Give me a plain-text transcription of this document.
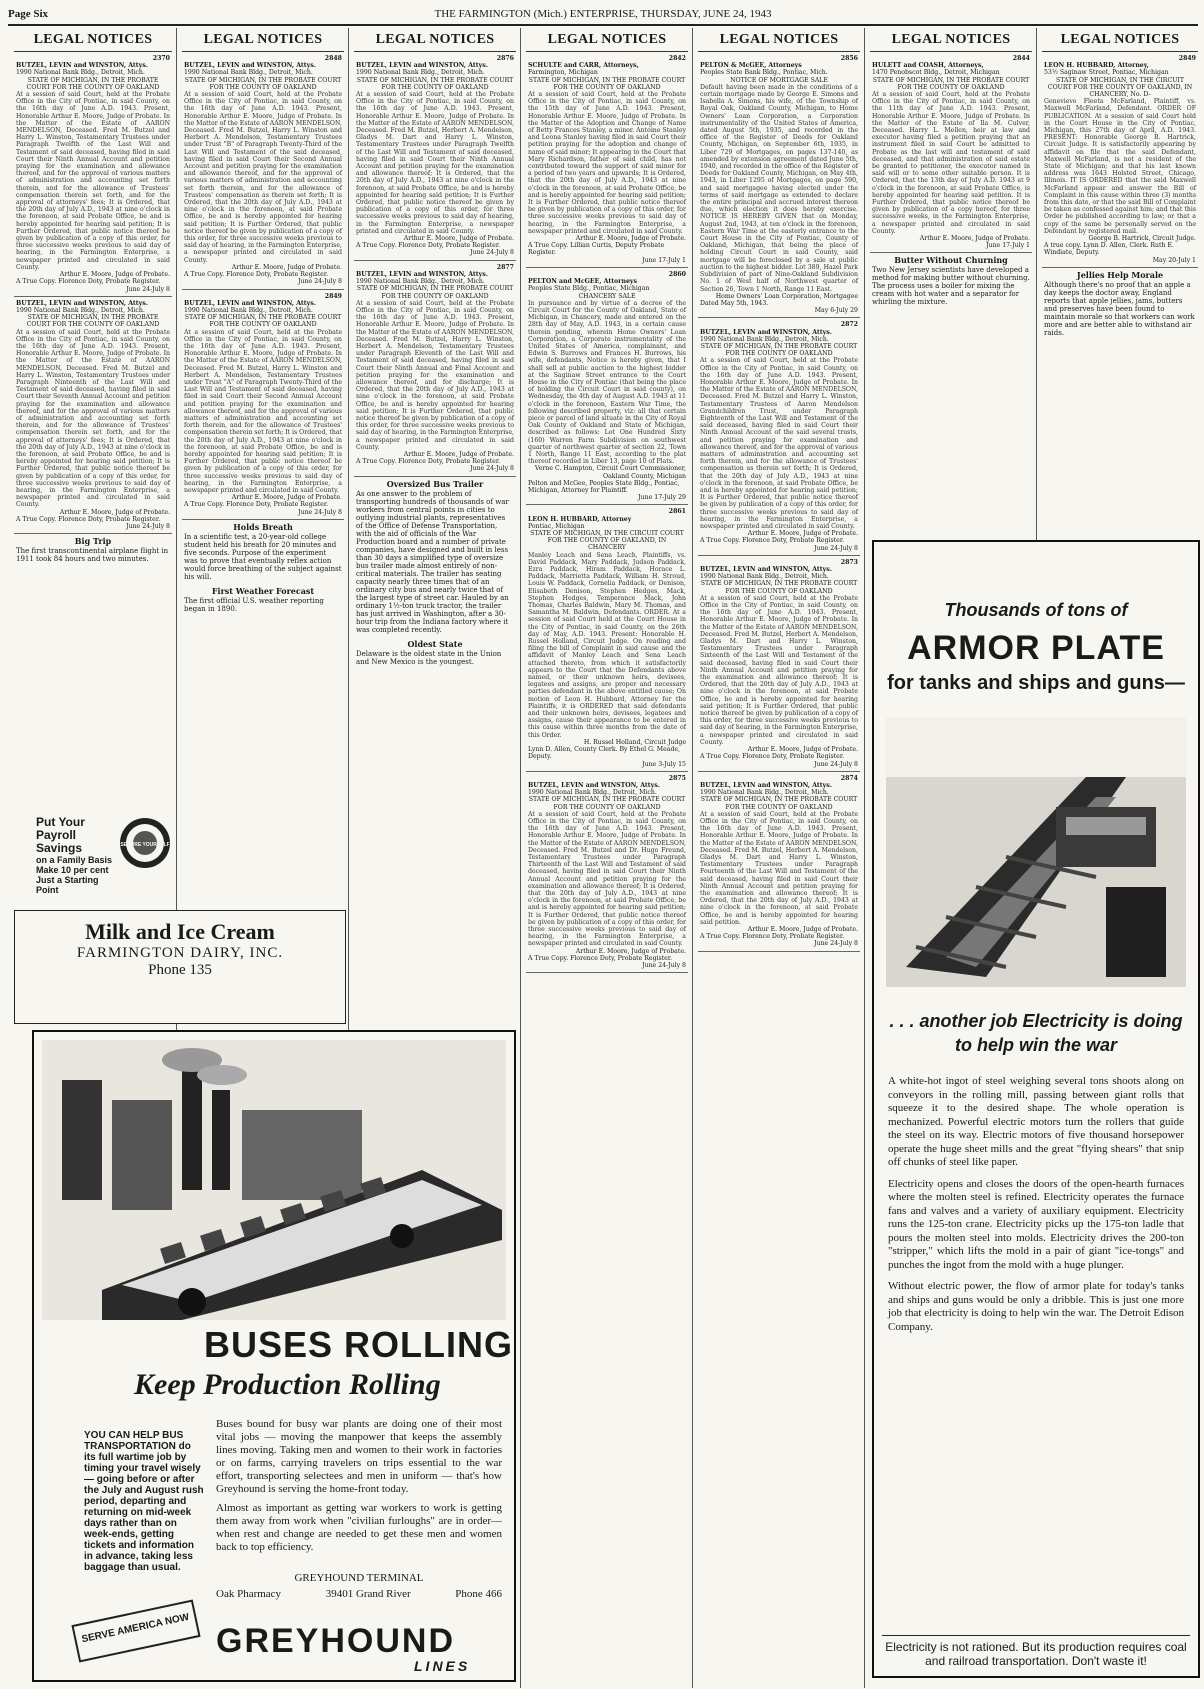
Page Six	THE FARMINGTON (Mich.) ENTERPRISE, THURSDAY, JUNE 24, 1943
LEGAL NOTICES
2370
BUTZEL, LEVIN and WINSTON, Attys.
1990 National Bank Bldg., Detroit, Mich.
STATE OF MICHIGAN, IN THE PROBATE COURT FOR THE COUNTY OF OAKLAND
At a session of said Court, held at the Probate Office in the City of Pontiac, in said County, on the 16th day of June A.D. 1943. Present, Honorable Arthur E. Moore, Judge of Probate. In the Matter of the Estate of AARON MENDELSON, Deceased. Fred M. Butzel and Harry L. Winston, Testamentary Trustees under Paragraph Twelfth of the Last Will and Testament of said deceased, having filed in said Court their Ninth Annual Account and petition praying for the examination and allowance thereof, and for the approval of various matters of administration and accounting set forth therein, and for the allowance of Trustees' compensation therein set forth, and for the approval of attorneys' fees; It is Ordered, that the 20th day of July A.D., 1943 at nine o'clock in the forenoon, at said Probate Office, be and is hereby appointed for hearing said petition; It is Further Ordered, that public notice thereof be given by publication of a copy of this order, for three successive weeks previous to said day of hearing, in the Farmington Enterprise, a newspaper printed and circulated in said County.
Arthur E. Moore, Judge of Probate.
A True Copy. Florence Doty, Probate Register.
June 24-July 8
BUTZEL, LEVIN and WINSTON, Attys.
1990 National Bank Bldg., Detroit, Mich.
STATE OF MICHIGAN, IN THE PROBATE COURT FOR THE COUNTY OF OAKLAND
At a session of said Court, held at the Probate Office in the City of Pontiac, in said County, on the 16th day of June A.D. 1943. Present, Honorable Arthur E. Moore, Judge of Probate. In the Matter of the Estate of AARON MENDELSON, Deceased. Fred M. Butzel and Harry L. Winston, Testamentary Trustees under Paragraph Ninteenth of the Last Will and Testament of said deceased, having filed in said Court their Seventh Annual Account and petition praying for the examination and allowance thereof, and for the approval of various matters of administration and accounting set forth therein, and for the allowance of Trustees' compensation therein set forth, and for the approval of attorneys' fees; It is Ordered, that the 20th day of July A.D., 1943 at nine o'clock in the forenoon, at said Probate Office, be and is hereby appointed for hearing said petition; It is Further Ordered, that public notice thereof be given by publication of a copy of this order, for three successive weeks previous to said day of hearing, in the Farmington Enterprise, a newspaper printed and circulated in said County.
Arthur E. Moore, Judge of Probate.
A True Copy. Florence Doty, Probate Register.
June 24-July 8
Big Trip
The first transcontinental airplane flight in 1911 took 84 hours and two minutes.
Put Your
Payroll Savings
on a Family Basis
Make 10 per cent
Just a Starting
Point
SECURE YOURSELF
LEGAL NOTICES
2848
BUTZEL, LEVIN and WINSTON, Attys.
1990 National Bank Bldg., Detroit, Mich.
STATE OF MICHIGAN, IN THE PROBATE COURT FOR THE COUNTY OF OAKLAND
At a session of said Court, held at the Probate Office in the City of Pontiac, in said County, on the 16th day of June A.D. 1943. Present, Honorable Arthur E. Moore, Judge of Probate. In the Matter of the Estate of AARON MENDELSON, Deceased. Fred M. Butzel, Harry L. Winston and Herbert A. Mendelson, Testamentary Trustees under Trust "B" of Paragraph Twenty-Third of the Last Will and Testament of the said deceased, having filed in said Court their Second Annual Account and petition praying for the examination and allowance thereof, and for the approval of various matters of administration and accounting set forth therein, and for the allowance of Trustees' compensation as therein set forth; It is Ordered, that the 20th day of July A.D., 1943 at nine o'clock in the forenoon, at said Probate Office, be and is hereby appointed for hearing said petition; It is Further Ordered, that public notice thereof be given by publication of a copy of this order, for three successive weeks previous to said day of hearing, in the Farmington Enterprise, a newspaper printed and circulated in said County.
Arthur E. Moore, Judge of Probate.
A True Copy. Florence Doty, Probate Register.
June 24-July 8
2849
BUTZEL, LEVIN and WINSTON, Attys.
1990 National Bank Bldg., Detroit, Mich.
STATE OF MICHIGAN, IN THE PROBATE COURT FOR THE COUNTY OF OAKLAND
At a session of said Court, held at the Probate Office in the City of Pontiac, in said County, on the 16th day of June A.D. 1943. Present, Honorable Arthur E. Moore, Judge of Probate. In the Matter of the Estate of AARON MENDELSON, Deceased. Fred M. Butzel, Harry L. Winston and Herbert A. Mendelson, Testamentary Trustees under Trust "A" of Paragraph Twenty-Third of the Last Will and Testament of said deceased, having filed in said Court their Second Annual Account and petition praying for the examination and allowance thereof, and for the approval of various matters of administration and accounting set forth therein, and for the allowance of Trustees' compensation therein set forth; It is Ordered, that the 20th day of July A.D., 1943 at nine o'clock in the forenoon, at said Probate Office, be and is hereby appointed for hearing said petition; It is Further Ordered, that public notice thereof be given by publication of a copy of this order, for three successive weeks previous to said day of hearing, in the Farmington Enterprise, a newspaper printed and circulated in said County.
Arthur E. Moore, Judge of Probate.
A True Copy. Florence Doty, Probate Register.
June 24-July 8
Holds Breath
In a scientific test, a 20-year-old college student held his breath for 20 minutes and five seconds. Purpose of the experiment was to prove that eventually reflex action would force breathing of the subject against his will.
First Weather Forecast
The first official U.S. weather reporting began in 1890.
Milk and Ice Cream
FARMINGTON DAIRY, INC.
Phone 135
LEGAL NOTICES
2876
BUTZEL, LEVIN and WINSTON, Attys.
1990 National Bank Bldg., Detroit, Mich.
STATE OF MICHIGAN, IN THE PROBATE COURT FOR THE COUNTY OF OAKLAND
At a session of said Court, held at the Probate Office in the City of Pontiac, in said County, on the 16th day of June A.D. 1943. Present, Honorable Arthur E. Moore, Judge of Probate. In the Matter of the Estate of AARON MENDELSON, Deceased. Fred M. Butzel, Herbert A. Mendelson, Gladys M. Dart and Harry L. Winston, Testamentary Trustees under Paragraph Twelfth of the Last Will and Testament of said deceased, having filed in said Court their Ninth Annual Account and petition praying for the examination and allowance thereof; It is Ordered, that the 20th day of July A.D., 1943 at nine o'clock in the forenoon, at said Probate Office, be and is hereby appointed for hearing said petition; It is Further Ordered, that public notice thereof be given by publication of a copy of this order, for three successive weeks previous to said day of hearing, in the Farmington Enterprise, a newspaper printed and circulated in said County.
Arthur E. Moore, Judge of Probate.
A True Copy. Florence Doty, Probate Register.
June 24-July 8
2877
BUTZEL, LEVIN and WINSTON, Attys.
1990 National Bank Bldg., Detroit, Mich.
STATE OF MICHIGAN, IN THE PROBATE COURT FOR THE COUNTY OF OAKLAND
At a session of said Court, held at the Probate Office in the City of Pontiac, in said County, on the 16th day of June A.D. 1943. Present, Honorable Arthur E. Moore, Judge of Probate. In the Matter of the Estate of AARON MENDELSON, Deceased. Fred M. Butzel, Harry L. Winston, Herbert A. Mendelson, Testamentary Trustees under Paragraph Eleventh of the Last Will and Testament of said deceased, having filed in said Court their Ninth Annual and Final Account and petition praying for the examination and allowance thereof, and for discharge; It is Ordered, that the 20th day of July A.D., 1943 at nine o'clock in the forenoon, at said Probate Office, be and is hereby appointed for hearing said petition; It is Further Ordered, that public notice thereof be given by publication of a copy of this order, for three successive weeks previous to said day of hearing, in the Farmington Enterprise, a newspaper printed and circulated in said County.
Arthur E. Moore, Judge of Probate.
A True Copy. Florence Doty, Probate Register.
June 24-July 8
Oversized Bus Trailer
As one answer to the problem of transporting hundreds of thousands of war workers from central points in cities to outlying industrial plants, representatives of the Office of Defense Transportation, with the aid of officials of the War Production board and a number of private companies, have designed and built in less than 30 days a simplified type of oversize bus trailer made almost entirely of non-critical materials. The trailer has seating capacity nearly three times that of an ordinary city bus and nearly twice that of the largest type of street car. Hauled by an ordinary 1½-ton truck tractor, the trailer has just arrived in Washington, after a 30-hour trip from the Indiana factory where it was completed recently.
Oldest State
Delaware is the oldest state in the Union and New Mexico is the youngest.
BUSES ROLLING
Keep Production Rolling
YOU CAN HELP BUS TRANSPORTATION do its full wartime job by timing your travel wisely — going before or after the July and August rush period, departing and returning on mid-week days rather than on week-ends, getting tickets and information in advance, taking less baggage than usual.

Buses bound for busy war plants are doing one of their most vital jobs — moving the manpower that keeps the assembly lines moving. Taking men and women to their work in factories or on farms, carrying travelers on trips essential to the war effort, transporting selectees and men in uniform — that's how Greyhound is serving the home-front today.

Almost as important as getting war workers to work is getting them away from work when "civilian furloughs" are in order—when rest and change are needed to get these men and women back to top efficiency.

GREYHOUND TERMINAL
Oak Pharmacy	39401 Grand River	Phone 466
SERVE AMERICA NOW GREYHOUND
LINES
LEGAL NOTICES
2842
SCHULTE and CARR, Attorneys,
Farmington, Michigan
STATE OF MICHIGAN, IN THE PROBATE COURT FOR THE COUNTY OF OAKLAND
At a session of said Court, held at the Probate Office in the City of Pontiac, in said County, on the 15th day of June A.D. 1943. Present, Honorable Arthur E. Moore, Judge of Probate. In the Matter of the Adoption and Change of Name of Betty Frances Stanley, a minor. Antoine Stanley and Leona Stanley having filed in said Court their petition praying for the adoption and change of name of said minor; It appearing to the Court that Mary Richardson, father of said child, has not contributed toward the support of said minor for a period of two years and upwards; It is Ordered, that the 20th day of July A.D., 1943 at nine o'clock in the forenoon, at said Probate Office, be and is hereby appointed for hearing said petition; It is Further Ordered, that public notice thereof be given by publication of a copy of this order, for three successive weeks previous to said day of hearing, in the Farmington Enterprise, a newspaper printed and circulated in said County.
Arthur E. Moore, Judge of Probate.
A True Copy. Lillian Curtis, Deputy Probate Register.
June 17-July 1
2860
PELTON and McGEE, Attorneys
Peoples State Bldg., Pontiac, Michigan
CHANCERY SALE
In pursuance and by virtue of a decree of the Circuit Court for the County of Oakland, State of Michigan, in Chancery, made and entered on the 28th day of May, A.D. 1943, in a certain cause therein pending, wherein Home Owners' Loan Corporation, a Corporate instrumentality of the United States of America, complainant, and Edwin S. Burrows and Frances H. Burrows, his wife, defendants, Notice is hereby given, that I shall sell at public auction to the highest bidder at the Saginaw Street entrance to the Court House in the City of Pontiac (that being the place of holding the Circuit Court in said county), on Wednesday, the 4th day of August A.D. 1943 at 11 o'clock in the forenoon, Eastern War Time, the following described property, viz: all that certain piece or parcel of land situate in the City of Royal Oak County of Oakland and State of Michigan, described as follows: Lot One Hundred Sixty (160) Warren Farm Subdivision on southwest quarter of northwest quarter of section 22, Town 1 North, Range 11 East, according to the plat thereof recorded in Liber 13, page 10 of Plats.
Verne C. Hampton, Circuit Court Commissioner, Oakland County, Michigan
Pelton and McGee, Peoples State Bldg., Pontiac, Michigan, Attorney for Plaintiff.
June 17-July 29
2861
LEON H. HUBBARD, Attorney
Pontiac, Michigan
STATE OF MICHIGAN, IN THE CIRCUIT COURT FOR THE COUNTY OF OAKLAND, IN CHANCERY
Manley Leach and Sena Leach, Plaintiffs, vs. David Paddack, Mary Paddack, Judson Paddack, Ezra Paddack, Hiram Paddack, Horace L. Paddack, Marrietta Paddack, William H. Stroud, Louis W. Paddack, Cornelia Paddack, or Denison, Elisabeth Denison, Stephen Hedges, Mack, Stephen Hedges, Temperance Mack, John Thomas, Charles Baldwin, Mary M. Thomas, and Samantha M. Baldwin, Defendants. ORDER. At a session of said Court held at the Court House in the City of Pontiac, in said County, on the 26th day of May, A.D. 1943. Present: Honorable H. Russel Holland, Circuit Judge. On reading and filing the bill of Complaint in said cause and the affidavit of Manley Leach and Sena Leach attached thereto, from which it satisfactorily appears to the Court that the Defendants above named, or their unknown heirs, devisees, legatees and assigns, are proper and necessary parties defendant in the above entitled cause; On motion of Leon H. Hubbard, Attorney for the Plaintiffs, it is ORDERED that said defendants and their unknown heirs, devisees, legatees and assigns, cause their appearance to be entered in this cause within three months from the date of this Order.
H. Russel Holland, Circuit Judge
Lynn D. Allen, County Clerk. By Ethel G. Meade, Deputy.
June 3-July 15
2875
BUTZEL, LEVIN and WINSTON, Attys.
1990 National Bank Bldg., Detroit, Mich.
STATE OF MICHIGAN, IN THE PROBATE COURT FOR THE COUNTY OF OAKLAND
At a session of said Court, held at the Probate Office in the City of Pontiac, in said County, on the 16th day of June A.D. 1943. Present, Honorable Arthur E. Moore, Judge of Probate. In the Matter of the Estate of AARON MENDELSON, Deceased. Fred M. Butzel and Dr. Hugo Freund, Testamentary Trustees under Paragraph Thirteenth of the Last Will and Testament of said deceased, having filed in said Court their Ninth Annual Account and petition praying for the examination and allowance thereof; It is Ordered, that the 20th day of July A.D., 1943 at nine o'clock in the forenoon, at said Probate Office, be and is hereby appointed for hearing said petition; It is Further Ordered, that public notice thereof be given by publication of a copy of this order, for three successive weeks previous to said day of hearing, in the Farmington Enterprise, a newspaper printed and circulated in said County.
Arthur E. Moore, Judge of Probate.
A True Copy. Florence Doty, Probate Register.
June 24-July 8
LEGAL NOTICES
2856
PELTON & McGEE, Attorneys
Peoples State Bank Bldg., Pontiac, Mich.
NOTICE OF MORTGAGE SALE
Default having been made in the conditions of a certain mortgage made by George E. Simons and Isabella A. Simons, his wife, of the Township of Royal Oak, Oakland County, Michigan, to Home Owners' Loan Corporation, a Corporation instrumentality of the United States of America, dated August 5th, 1935, and recorded in the office of the Register of Deeds for Oakland County, Michigan, on September 6th, 1935, in Liber 729 of Mortgages, on pages 137-140, as amended by extension agreement dated June 5th, 1940, and recorded in the office of the Register of Deeds for Oakland County, Michigan, on May 4th, 1943, in Liber 1295 of Mortgages, on page 590, and said mortgagee having elected under the terms of said mortgage as extended to declare the entire principal and accrued interest thereon due, which election it does hereby exercise. NOTICE IS HEREBY GIVEN that on Monday, August 2nd, 1943, at ten o'clock in the forenoon, Eastern War Time at the easterly entrance to the Court House in the City of Pontiac, County of Oakland, Michigan, that being the place of holding Circuit Court in said County, said mortgage will be foreclosed by a sale at public auction to the highest bidder. Lot 389, Hazel Park Subdivision of part of Nine-Oakland Subdivision No. 1 of West half of Northwest quarter of Section 26, Town 1 North, Range 11 East.
Home Owners' Loan Corporation, Mortgagee
Dated May 5th, 1943.
May 6-July 29
2872
BUTZEL, LEVIN and WINSTON, Attys.
1990 National Bank Bldg., Detroit, Mich.
STATE OF MICHIGAN, IN THE PROBATE COURT FOR THE COUNTY OF OAKLAND
At a session of said Court, held at the Probate Office in the City of Pontiac, in said County, on the 16th day of June A.D. 1943. Present, Honorable Arthur E. Moore, Judge of Probate. In the Matter of the Estate of AARON MENDELSON, Deceased. Fred M. Butzel and Harry L. Winston, Testamentary Trustees of Aaron Mendelson Grandchildren Trust, under Paragraph Eighteenth of the Last Will and Testament of the said deceased, having filed in said Court their Ninth Annual Account of the said several trusts, and petition praying for examination and allowance thereof, and for the approval of various matters of administration and accounting set forth therein, and for the allowance of Trustees' compensation as therein set forth; It is Ordered, that the 20th day of July A.D., 1943 at nine o'clock in the forenoon, at said Probate Office, be and is hereby appointed for hearing said petition; It is Further Ordered, that public notice thereof be given by publication of a copy of this order, for three successive weeks previous to said day of hearing, in the Farmington Enterprise, a newspaper printed and circulated in said County.
Arthur E. Moore, Judge of Probate.
A True Copy. Florence Doty, Probate Register.
June 24-July 8
2873
BUTZEL, LEVIN and WINSTON, Attys.
1990 National Bank Bldg., Detroit, Mich.
STATE OF MICHIGAN, IN THE PROBATE COURT FOR THE COUNTY OF OAKLAND
At a session of said Court, held at the Probate Office in the City of Pontiac, in said County, on the 16th day of June A.D. 1943. Present, Honorable Arthur E. Moore, Judge of Probate. In the Matter of the Estate of AARON MENDELSON, Deceased. Fred M. Butzel, Herbert A. Mendelson, Gladys M. Dart and Harry L. Winston, Testamentary Trustees under Paragraph Sixteenth of the Last Will and Testament of the said deceased, having filed in said Court their Ninth Annual Account and petition praying for the examination and allowance thereof; It is Ordered, that the 20th day of July A.D., 1943 at nine o'clock in the forenoon, at said Probate Office, be and is hereby appointed for hearing said petition; It is Further Ordered, that public notice thereof be given by publication of a copy of this order, for three successive weeks previous to said day of hearing, in the Farmington Enterprise, a newspaper printed and circulated in said County.
Arthur E. Moore, Judge of Probate.
A True Copy. Florence Doty, Probate Register.
June 24-July 8
2874
BUTZEL, LEVIN and WINSTON, Attys.
1990 National Bank Bldg., Detroit, Mich.
STATE OF MICHIGAN, IN THE PROBATE COURT FOR THE COUNTY OF OAKLAND
At a session of said Court, held at the Probate Office in the City of Pontiac, in said County, on the 16th day of June A.D. 1943. Present, Honorable Arthur E. Moore, Judge of Probate. In the Matter of the Estate of AARON MENDELSON, Deceased. Fred M. Butzel, Herbert A. Mendelson, Gladys M. Dart and Harry L. Winston, Testamentary Trustees under Paragraph Fourteenth of the Last Will and Testament of the said deceased, having filed in said Court their Ninth Annual Account and petition praying for the examination and allowance thereof; It is Ordered, that the 20th day of July A.D., 1943 at nine o'clock in the forenoon, at said Probate Office, be and is hereby appointed for hearing said petition.
Arthur E. Moore, Judge of Probate.
A True Copy. Florence Doty, Probate Register.
June 24-July 8
LEGAL NOTICES
2844
HULETT and COASH, Attorneys,
1470 Penobscot Bldg., Detroit, Michigan
STATE OF MICHIGAN, IN THE PROBATE COURT FOR THE COUNTY OF OAKLAND
At a session of said Court, held at the Probate Office in the City of Pontiac, in said County, on the 11th day of June A.D. 1943. Present, Honorable Arthur E. Moore, Judge of Probate. In the Matter of the Estate of Ila M. Culver, Deceased. Harry L. Mellen, heir at law and executor having filed a petition praying that an instrument filed in said Court be admitted to Probate as the last will and testament of said deceased, and that administration of said estate be granted to petitioner, the executor named in said will or to some other suitable person. It is Ordered, that the 13th day of July A.D. 1943 at 9 o'clock in the forenoon, at said Probate Office, is hereby appointed for hearing said petition. It is Further Ordered, that public notice thereof be given by publication of a copy hereof, for three successive weeks, in the Farmington Enterprise, a newspaper printed and circulated in said County.
Arthur E. Moore, Judge of Probate.
June 17-July 1
Butter Without Churning
Two New Jersey scientists have developed a method for making butter without churning. The process uses a boiler for mixing the cream with hot water and a separator for whirling the mixture.
LEGAL NOTICES
2849
LEON H. HUBBARD, Attorney,
53½ Saginaw Street, Pontiac, Michigan
STATE OF MICHIGAN, IN THE CIRCUIT COURT FOR THE COUNTY OF OAKLAND, IN CHANCERY, No. D-
Genevieve Fleeta McFarland, Plaintiff, vs. Maxwell McFarland, Defendant. ORDER OF PUBLICATION. At a session of said Court held in the Court House in the City of Pontiac, Michigan, this 27th day of April, A.D. 1943. PRESENT: Honorable George B. Hartrick, Circuit Judge. It is satisfactorily appearing by affidavit on file that the said Defendant, Maxwell McFarland, is not a resident of the State of Michigan; and that his last known address was 1643 Holsted Street, Chicago, Illinois. IT IS ORDERED that the said Maxwell McFarland appear and answer the Bill of Complaint in this cause within three (3) months from this date, or that the said Bill of Complaint be taken as confessed against him; and that this Order be published according to law; or that a copy of the same be personally served on the Defendant by registered mail.
George B. Hartrick, Circuit Judge.
A true copy. Lynn D. Allen, Clerk. Ruth E. Windiate, Deputy.
May 20-July 1
Jellies Help Morale
Although there's no proof that an apple a day keeps the doctor away, England reports that apple jellies, jams, butters and preserves have been found to maintain morale so that workers can work more and are better able to withstand air raids.
Thousands of tons of
ARMOR PLATE
for tanks and ships and guns—
. . . another job Electricity is doing
to help win the war

A white-hot ingot of steel weighing several tons shoots along on conveyors in the rolling mill, passing between giant rolls that squeeze it to the desired shape. The whole operation is mechanized. Powerful electric motors turn the rollers that guide the steel on its way. Electric motors of five thousand horsepower operate the huge sheet mills and the great "flying shears" that snip off chunks of steel like paper.

Electricity opens and closes the doors of the open-hearth furnaces where the molten steel is refined. Electricity operates the furnace fans and valves and a variety of auxiliary equipment. Electricity runs the 125-ton crane. Electricity picks up the 175-ton ladle that pours the molten steel into molds. Electricity drives the 200-ton "stripper," which lifts the mold in a pair of giant "ice-tongs" and punches the ingot from the mold with a huge plunger.

Without electric power, the flow of armor plate for today's tanks and ships and guns would be only a dribble. This is just one more job that electricity is doing to help win the war. The Detroit Edison Company.

Electricity is not rationed. But its production requires coal and railroad transportation. Don't waste it!
